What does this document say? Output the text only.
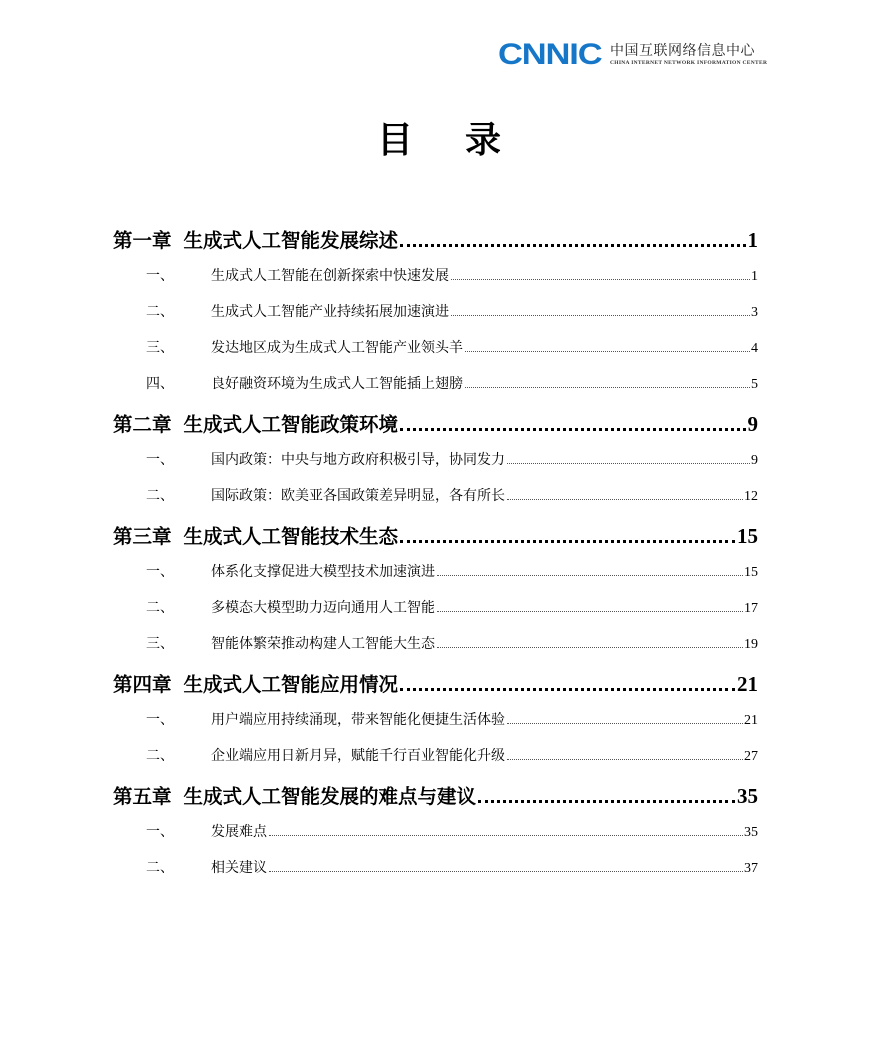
CNNIC 中国互联网络信息中心
CHINA INTERNET NETWORK INFORMATION CENTER
目 录
第一章 生成式人工智能发展综述	1
一、	生成式人工智能在创新探索中快速发展	1
二、	生成式人工智能产业持续拓展加速演进	3
三、	发达地区成为生成式人工智能产业领头羊	4
四、	良好融资环境为生成式人工智能插上翅膀	5
第二章 生成式人工智能政策环境	9
一、	国内政策：中央与地方政府积极引导，协同发力	9
二、	国际政策：欧美亚各国政策差异明显，各有所长	12
第三章 生成式人工智能技术生态	15
一、	体系化支撑促进大模型技术加速演进	15
二、	多模态大模型助力迈向通用人工智能	17
三、	智能体繁荣推动构建人工智能大生态	19
第四章 生成式人工智能应用情况	21
一、	用户端应用持续涌现，带来智能化便捷生活体验	21
二、	企业端应用日新月异，赋能千行百业智能化升级	27
第五章 生成式人工智能发展的难点与建议	35
一、	发展难点	35
二、	相关建议	37
